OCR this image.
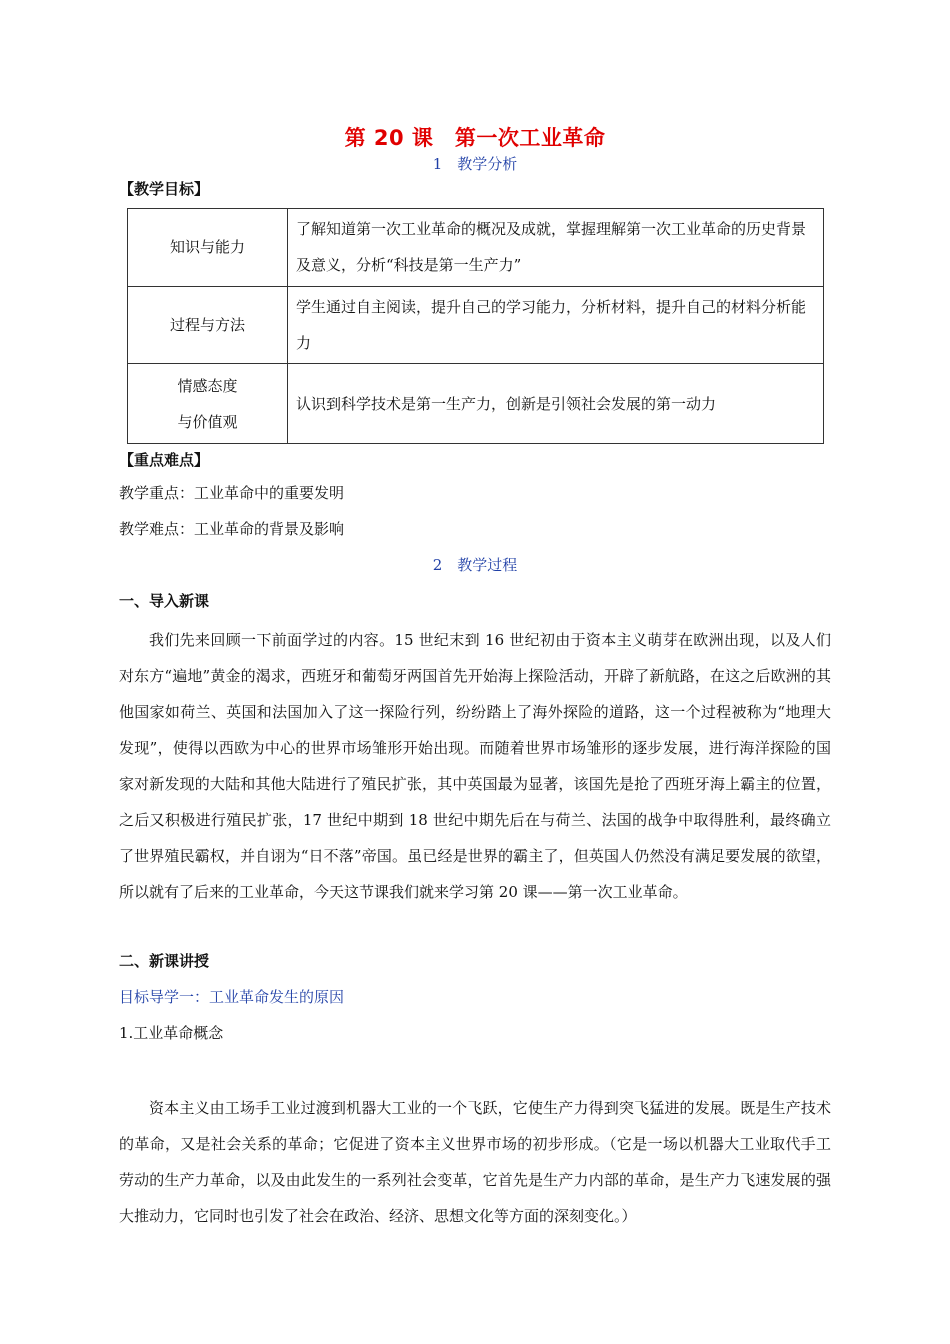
第 20 课　第一次工业革命
1　教学分析
【教学目标】
知识与能力	了解知道第一次工业革命的概况及成就，掌握理解第一次工业革命的历史背景及意义，分析“科技是第一生产力”
过程与方法	学生通过自主阅读，提升自己的学习能力，分析材料，提升自己的材料分析能力

情感态度
与价值观	认识到科学技术是第一生产力，创新是引领社会发展的第一动力
【重点难点】
教学重点：工业革命中的重要发明
教学难点：工业革命的背景及影响
2　教学过程
一、导入新课
我们先来回顾一下前面学过的内容。15 世纪末到 16 世纪初由于资本主义萌芽在欧洲出现，以及人们对东方“遍地”黄金的渴求，西班牙和葡萄牙两国首先开始海上探险活动，开辟了新航路，在这之后欧洲的其他国家如荷兰、英国和法国加入了这一探险行列，纷纷踏上了海外探险的道路，这一个过程被称为“地理大发现”，使得以西欧为中心的世界市场雏形开始出现。而随着世界市场雏形的逐步发展，进行海洋探险的国家对新发现的大陆和其他大陆进行了殖民扩张，其中英国最为显著，该国先是抢了西班牙海上霸主的位置，之后又积极进行殖民扩张，17 世纪中期到 18 世纪中期先后在与荷兰、法国的战争中取得胜利，最终确立了世界殖民霸权，并自诩为“日不落”帝国。虽已经是世界的霸主了，但英国人仍然没有满足要发展的欲望，所以就有了后来的工业革命，今天这节课我们就来学习第 20 课——第一次工业革命。
二、新课讲授
目标导学一：工业革命发生的原因
1.工业革命概念
资本主义由工场手工业过渡到机器大工业的一个飞跃，它使生产力得到突飞猛进的发展。既是生产技术的革命，又是社会关系的革命；它促进了资本主义世界市场的初步形成。（它是一场以机器大工业取代手工劳动的生产力革命，以及由此发生的一系列社会变革，它首先是生产力内部的革命，是生产力飞速发展的强大推动力，它同时也引发了社会在政治、经济、思想文化等方面的深刻变化。）
